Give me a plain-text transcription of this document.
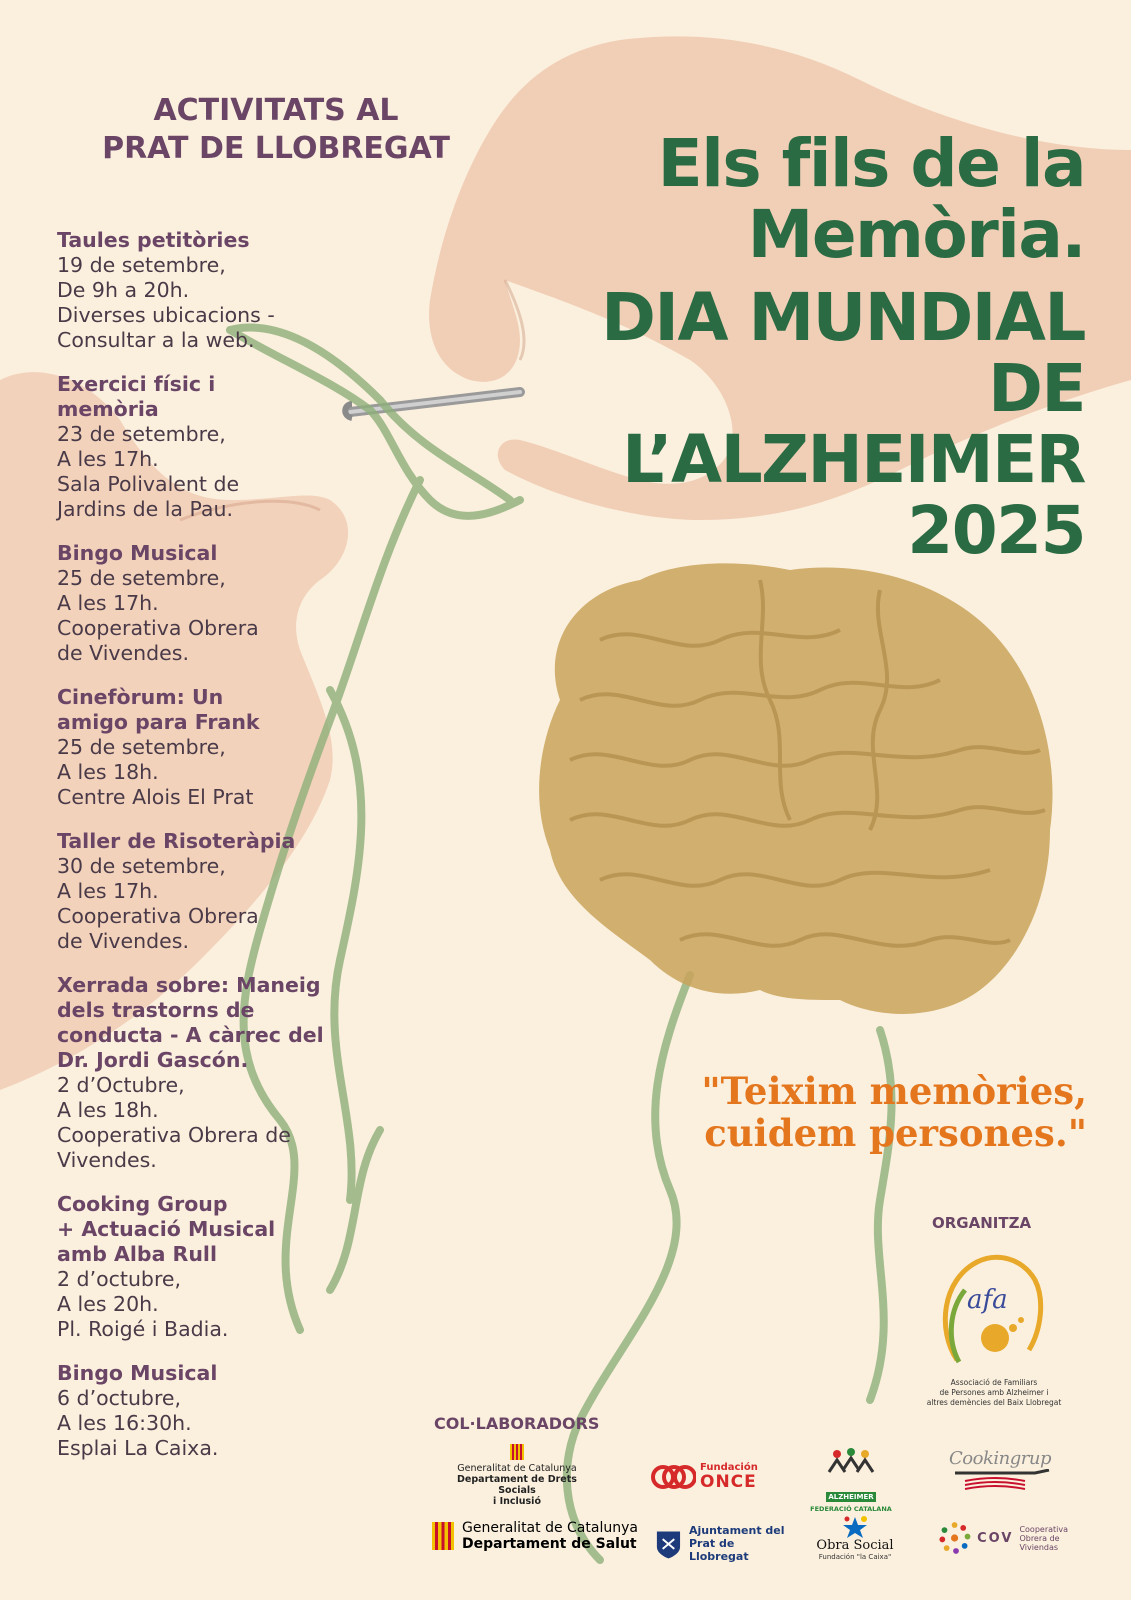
ACTIVITATS AL
PRAT DE LLOBREGAT
Taules petitòries
19 de setembre,
De 9h a 20h.
Diverses ubicacions -
Consultar a la web.
Exercici físic i
memòria
23 de setembre,
A les 17h.
Sala Polivalent de
Jardins de la Pau.
Bingo Musical
25 de setembre,
A les 17h.
Cooperativa Obrera
de Vivendes.
Cinefòrum: Un
amigo para Frank
25 de setembre,
A les 18h.
Centre Alois El Prat
Taller de Risoteràpia
30 de setembre,
A les 17h.
Cooperativa Obrera
de Vivendes.
Xerrada sobre: Maneig
dels trastorns de
conducta - A càrrec del
Dr. Jordi Gascón.
2 d’Octubre,
A les 18h.
Cooperativa Obrera de
Vivendes.
Cooking Group
+ Actuació Musical
amb Alba Rull
2 d’octubre,
A les 20h.
Pl. Roigé i Badia.
Bingo Musical
6 d’octubre,
A les 16:30h.
Esplai La Caixa.
Els fils de la
Memòria.
DIA MUNDIAL
DE
L’ALZHEIMER
2025
"Teixim memòries,
cuidem persones."
ORGANITZA
afa
Associació de Familiars
de Persones amb Alzheimer i
altres demències del Baix Llobregat
COL·LABORADORS
Generalitat de Catalunya
Departament de Drets Socials
i Inclusió
Generalitat de Catalunya
Departament de Salut
Fundación
ONCE
Ajuntament del
Prat de Llobregat
ALZHEIMER
FEDERACIÓ CATALANA
Obra Social
Fundación "la Caixa"
Cookingrup
COV
Cooperativa
Obrera de
Viviendas
